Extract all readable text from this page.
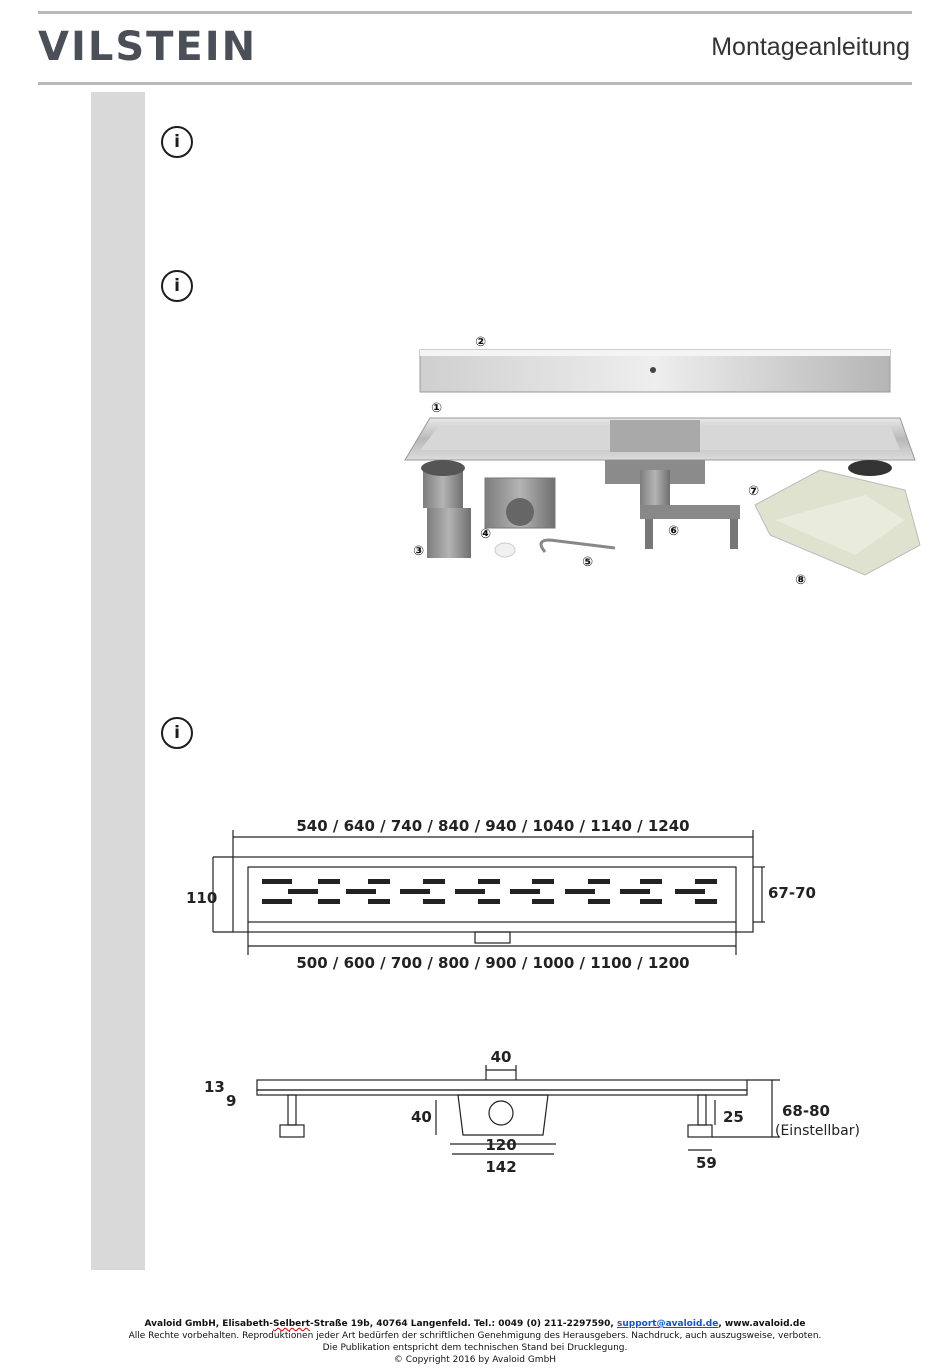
VILSTEIN	Montageanleitung
i
i
i
①
②
③
④
⑤
⑥
⑦
⑧
540 / 640 / 740 / 840 / 940 / 1040 / 1140 / 1240
500 / 600 / 700 / 800 / 900 / 1000 / 1100 / 1200
110	67-70
40
13
9
40
120
142
25
59
68-80
(Einstellbar)
Avaloid GmbH, Elisabeth-Selbert-Straße 19b, 40764 Langenfeld. Tel.: 0049 (0) 211-2297590, support@avaloid.de, www.avaloid.de
Alle Rechte vorbehalten. Reproduktionen jeder Art bedürfen der schriftlichen Genehmigung des Herausgebers. Nachdruck, auch auszugsweise, verboten.
Die Publikation entspricht dem technischen Stand bei Drucklegung.
© Copyright 2016 by Avaloid GmbH
